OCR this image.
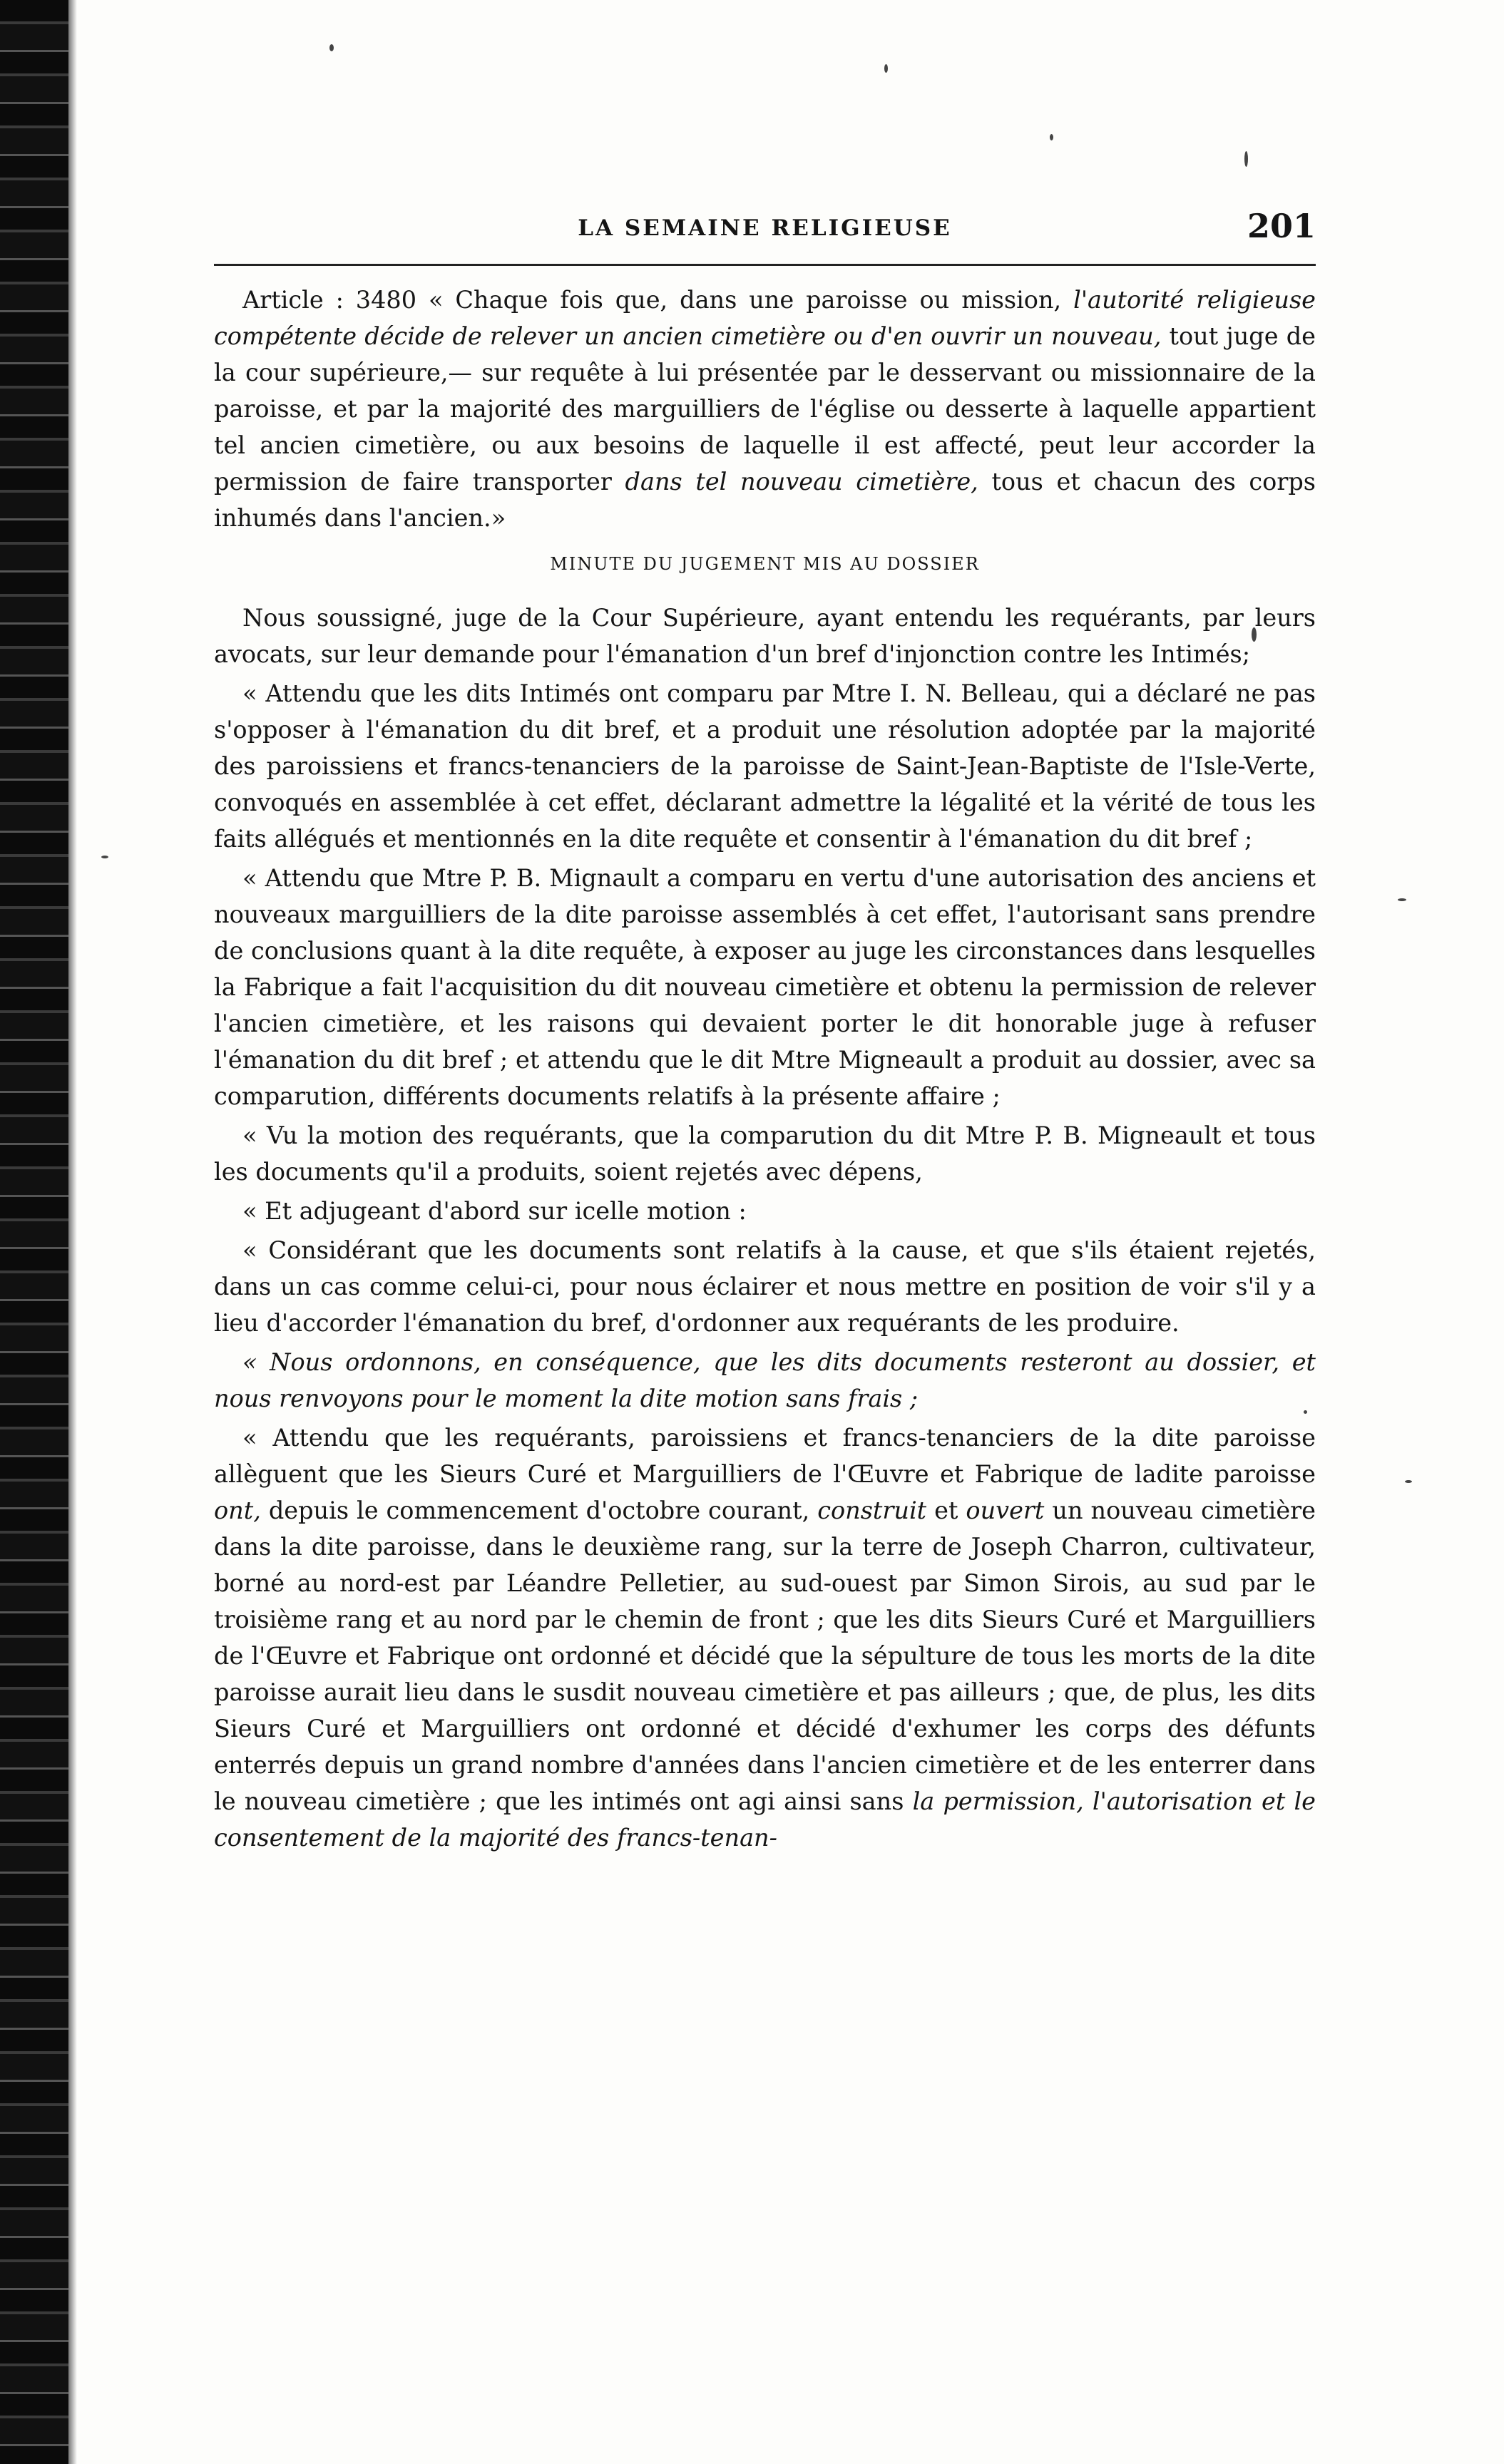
LA SEMAINE RELIGIEUSE	201

Article : 3480 « Chaque fois que, dans une paroisse ou mission, l'autorité religieuse compétente décide de relever un ancien cimetière ou d'en ouvrir un nouveau, tout juge de la cour supérieure,— sur requête à lui présentée par le desservant ou missionnaire de la paroisse, et par la majorité des marguilliers de l'église ou desserte à laquelle appartient tel ancien cimetière, ou aux besoins de laquelle il est affecté, peut leur accorder la permission de faire transporter dans tel nouveau cimetière, tous et chacun des corps inhumés dans l'ancien.»

MINUTE DU JUGEMENT MIS AU DOSSIER

Nous soussigné, juge de la Cour Supérieure, ayant entendu les requérants, par leurs avocats, sur leur demande pour l'émanation d'un bref d'injonction contre les Intimés;

« Attendu que les dits Intimés ont comparu par Mtre I. N. Belleau, qui a déclaré ne pas s'opposer à l'émanation du dit bref, et a produit une résolution adoptée par la majorité des paroissiens et francs-tenanciers de la paroisse de Saint-Jean-Baptiste de l'Isle-Verte, convoqués en assemblée à cet effet, déclarant admettre la légalité et la vérité de tous les faits allégués et mentionnés en la dite requête et consentir à l'émanation du dit bref ;

« Attendu que Mtre P. B. Mignault a comparu en vertu d'une autorisation des anciens et nouveaux marguilliers de la dite paroisse assemblés à cet effet, l'autorisant sans prendre de conclusions quant à la dite requête, à exposer au juge les circonstances dans lesquelles la Fabrique a fait l'acquisition du dit nouveau cimetière et obtenu la permission de relever l'ancien cimetière, et les raisons qui devaient porter le dit honorable juge à refuser l'émanation du dit bref ; et attendu que le dit Mtre Migneault a produit au dossier, avec sa comparution, différents documents relatifs à la présente affaire ;

« Vu la motion des requérants, que la comparution du dit Mtre P. B. Migneault et tous les documents qu'il a produits, soient rejetés avec dépens,

« Et adjugeant d'abord sur icelle motion :

« Considérant que les documents sont relatifs à la cause, et que s'ils étaient rejetés, dans un cas comme celui-ci, pour nous éclairer et nous mettre en position de voir s'il y a lieu d'accorder l'émanation du bref, d'ordonner aux requérants de les produire.

« Nous ordonnons, en conséquence, que les dits documents resteront au dossier, et nous renvoyons pour le moment la dite motion sans frais ;

« Attendu que les requérants, paroissiens et francs-tenanciers de la dite paroisse allèguent que les Sieurs Curé et Marguilliers de l'Œuvre et Fabrique de ladite paroisse ont, depuis le commencement d'octobre courant, construit et ouvert un nouveau cimetière dans la dite paroisse, dans le deuxième rang, sur la terre de Joseph Charron, cultivateur, borné au nord-est par Léandre Pelletier, au sud-ouest par Simon Sirois, au sud par le troisième rang et au nord par le chemin de front ; que les dits Sieurs Curé et Marguilliers de l'Œuvre et Fabrique ont ordonné et décidé que la sépulture de tous les morts de la dite paroisse aurait lieu dans le susdit nouveau cimetière et pas ailleurs ; que, de plus, les dits Sieurs Curé et Marguilliers ont ordonné et décidé d'exhumer les corps des défunts enterrés depuis un grand nombre d'années dans l'ancien cimetière et de les enterrer dans le nouveau cimetière ; que les intimés ont agi ainsi sans la permission, l'autorisation et le consentement de la majorité des francs-tenan-
